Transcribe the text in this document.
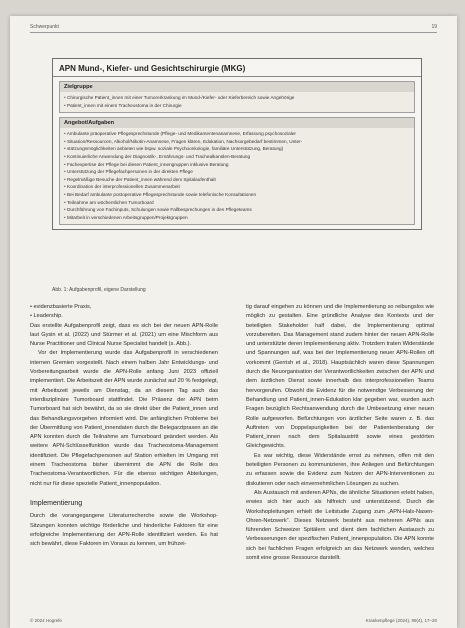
Schwerpunkt	19
APN Mund-, Kiefer- und Gesichtschirurgie (MKG)
Zielgruppe
• Chirurgische Patient_innen mit einer Tumorerkrankung im Mund-/Kiefer- oder Kieferbereich sowie Angehörige
• Patient_innen mit einem Tracheostoma in der Chirurgie
Angebot/Aufgaben
• Ambulante präoperative Pflegesprechstunde (Pflege- und Medikamentenanamnese, Erfassung psychosozialer
• Situation/Ressourcen, Alkohol/Nikotin-Anamnese, Fragen klären, Edukation, Nachsorgebedarf bestimmen, Unter-
• stützungsmöglichkeiten anbieten wie bspw. soziale Psychoonkologie, familiäre Unterstützung, Beratung)
• Kontinuierliche Anwendung der Diagnostik-, Ernährungs- und Trachealkanülen-Beratung
• Fachexpertise der Pflege bei diesen Patient_innengruppen inklusive Beratung
• Unterstützung der Pflegefachpersonen in der direkten Pflege
• Regelmäßige Besuche der Patient_innen während dem Spitalaufenthalt
• Koordination der interprofessionellen Zusammenarbeit
• Bei Bedarf ambulante postoperative Pflegesprechstunde sowie telefonische Konsultationen
• Teilnahme am wöchentlichen Tumorboard
• Durchführung von Fachinputs, Schulungen sowie Fallbesprechungen in den Pflegeteams
• Mitarbeit in verschiedenen Arbeitsgruppen/Projektgruppen
Abb. 1: Aufgabenprofil, eigene Darstellung
• evidenzbasierte Praxis,
• Leadership.

Das erstellte Aufgabenprofil zeigt, dass es sich bei der neuen APN-Rolle laut Gysin et al. (2022) und Stürmer et al. (2021) um eine Mischform aus Nurse Practitioner und Clinical Nurse Specialist handelt (s. Abb.).

Vor der Implementierung wurde das Aufgabenprofil in verschiedenen internen Gremien vorgestellt. Nach einem halben Jahr Entwicklungs- und Vorbereitungsarbeit wurde die APN-Rolle anfang Juni 2023 offiziell implementiert. Die Arbeitszeit der APN wurde zunächst auf 20 % festgelegt, mit Arbeitszeit jeweils am Dienstag, da an diesem Tag auch das interdisziplinäre Tumorboard stattfindet. Die Präsenz der APN beim Tumorboard hat sich bewährt, da so sie direkt über die Patient_innen und das Behandlungsvorgehen informiert wird. Die anfänglichen Probleme bei der Übermittlung von Patient_innendaten durch die Belegarztpraxen an die APN konnten durch die Teilnahme am Tumorboard geändert werden. Als weitere APN-Schlüsselfunktion wurde das Tracheostoma-Management identifiziert. Die Pflegefachpersonen auf Station erhielten im Umgang mit einem Tracheostoma bisher übernimmt die APN die Rolle des Tracheostoma-Verantwortlichen. Für die ebenso wichtigen Abteilungen, nicht nur für diese spezielle Patient_innenpopulation.

Implementierung

Durch die vorangegangene Literaturrecherche sowie die Workshop-Sitzungen konnten wichtige förderliche und hinderliche Faktoren für eine erfolgreiche Implementierung der APN-Rolle identifiziert werden. Es hat sich bewährt, diese Faktoren im Voraus zu kennen, um frühzei-

tig darauf eingehen zu können und die Implementierung so reibungslos wie möglich zu gestalten. Eine gründliche Analyse des Kontexts und der beteiligten Stakeholder half dabei, die Implementierung optimal vorzubereiten. Das Management stand zudem hinter der neuen APN-Rolle und unterstützte deren Implementierung aktiv. Trotzdem traten Widerstände und Spannungen auf, was bei der Implementierung neuer APN-Rollen oft vorkommt (Gerrish et al., 2018). Hauptsächlich waren diese Spannungen durch die Neuorganisation der Verantwortlichkeiten zwischen der APN und dem ärztlichen Dienst sowie innerhalb des interprofessionellen Teams hervorgerufen. Obwohl die Evidenz für die notwendige Verbesserung der Behandlung und Patient_innen-Edukation klar gegeben war, wurden auch Fragen bezüglich Rechtsanwendung durch die Umbesetzung einer neuen Rolle aufgeworfen. Befürchtungen von ärztlicher Seite waren z. B. das Auftreten von Doppelspurigkeiten bei der Patientenberatung der Patient_innen nach dem Spitalaustritt sowie eines gestörten Gleichgewichts.

Es war wichtig, diese Widerstände ernst zu nehmen, offen mit den beteiligten Personen zu kommunizieren, ihre Anliegen und Befürchtungen zu erfassen sowie die Evidenz zum Nutzen der APN-Interventionen zu diskutieren oder nach einvernehmlichen Lösungen zu suchen.

Als Austausch mit anderen APNs, die ähnliche Situationen erlebt haben, erwies sich hier auch als hilfreich und unterstützend. Durch die Workshopleitungen erhielt die Leitstudie Zugang zum „APN-Hals-Nasen-Ohren-Netzwerk“. Dieses Netzwerk besteht aus mehreren APNs aus führenden Schweizer Spitälern und dient dem fachlichen Austausch zu Verbesserungen der spezifischen Patient_innenpopulation. Die APN konnte sich bei fachlichen Fragen erfolgreich an das Netzwerk wenden, welches somit eine grosse Ressource darstellt.

© 2024 Hogrefe	Krankenpflege (2024), 99(4), 17–20
